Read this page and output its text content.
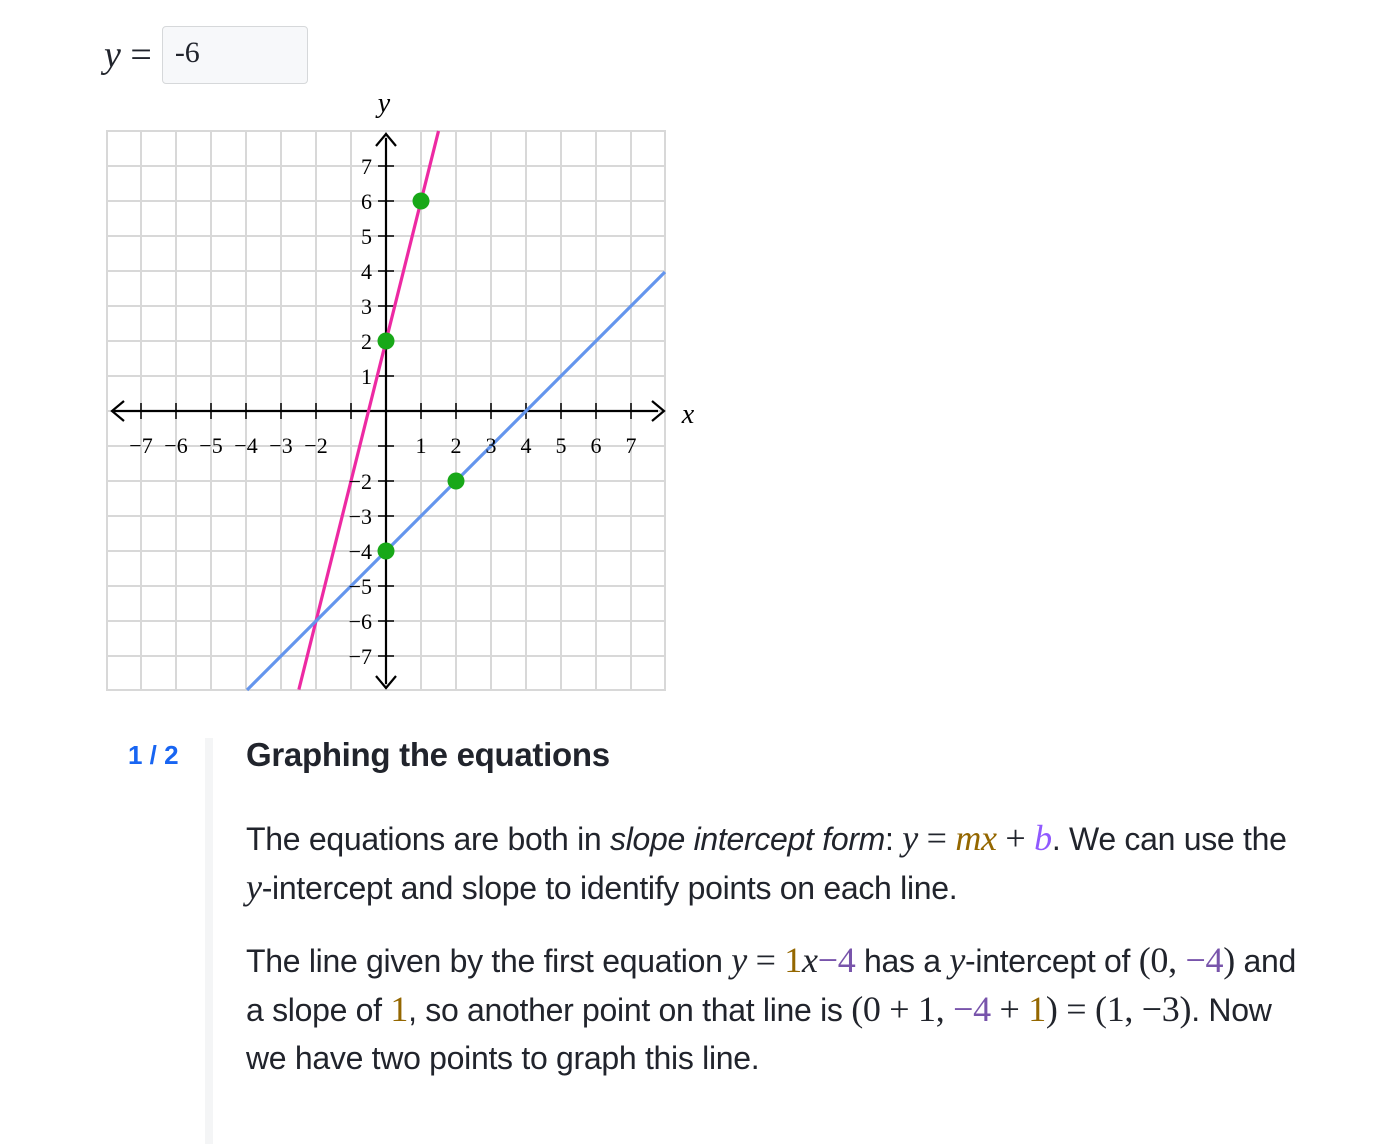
y = -6
−7 −6 −5 −4 −3 −2	1 2 3 4 5 6 7
7
6
5
4
3
2
1
−2
−3
−4
−5
−6
−7
x
y
1 / 2 Graphing the equations

The equations are both in slope intercept form: y = mx + b. We can use the y-intercept and slope to identify points on each line.

The line given by the first equation y = 1x−4 has a y-intercept of (0, −4) and a slope of 1, so another point on that line is (0 + 1, −4 + 1) = (1, −3). Now we have two points to graph this line.
